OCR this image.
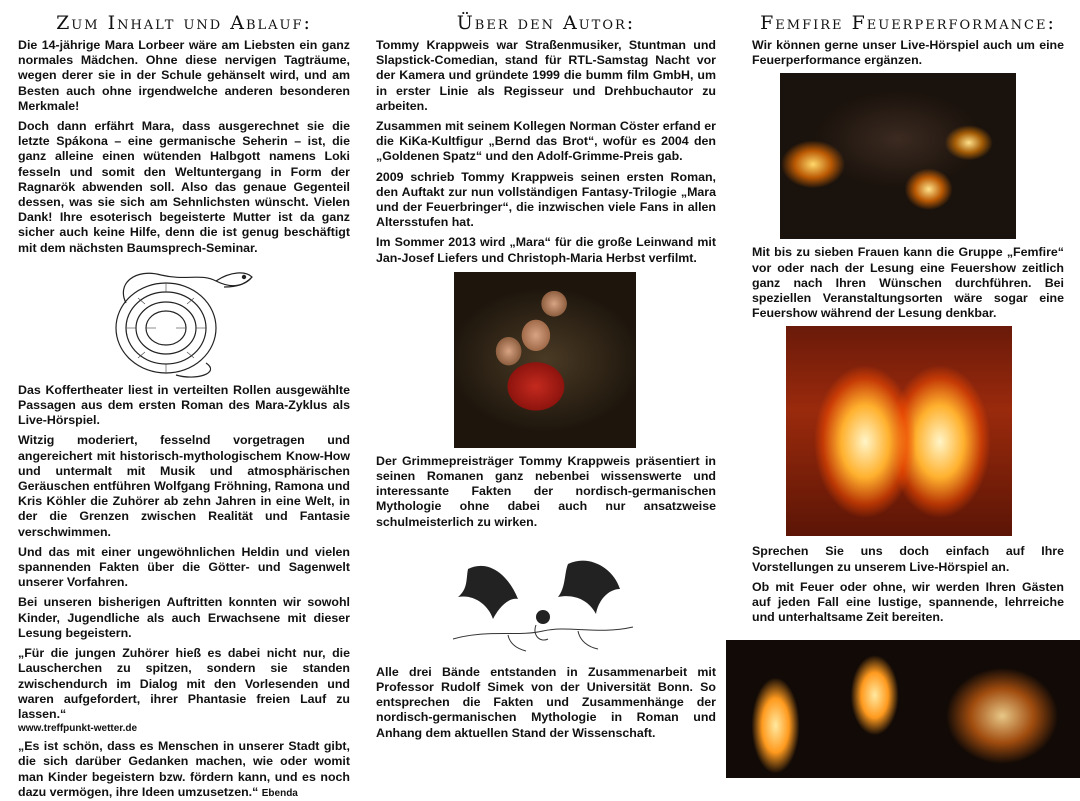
Zum Inhalt und Ablauf:

Die 14-jährige Mara Lorbeer wäre am Liebsten ein ganz normales Mädchen. Ohne diese nervigen Tagträume, wegen derer sie in der Schule gehänselt wird, und am Besten auch ohne irgendwelche anderen besonderen Merkmale!

Doch dann erfährt Mara, dass ausgerechnet sie die letzte Spákona – eine germanische Seherin – ist, die ganz alleine einen wütenden Halbgott namens Loki fesseln und somit den Weltuntergang in Form der Ragnarök abwenden soll. Also das genaue Gegenteil dessen, was sie sich am Sehnlichsten wünscht. Vielen Dank! Ihre esoterisch begeisterte Mutter ist da ganz sicher auch keine Hilfe, denn die ist genug beschäftigt mit dem nächsten Baumsprech-Seminar.

Das Koffertheater liest in verteilten Rollen ausgewählte Passagen aus dem ersten Roman des Mara-Zyklus als Live-Hörspiel.

Witzig moderiert, fesselnd vorgetragen und angereichert mit historisch-mythologischem Know-How und untermalt mit Musik und atmosphärischen Geräuschen entführen Wolfgang Fröhning, Ramona und Kris Köhler die Zuhörer ab zehn Jahren in eine Welt, in der die Grenzen zwischen Realität und Fantasie verschwimmen.

Und das mit einer ungewöhnlichen Heldin und vielen spannenden Fakten über die Götter- und Sagenwelt unserer Vorfahren.

Bei unseren bisherigen Auftritten konnten wir sowohl Kinder, Jugendliche als auch Erwachsene mit dieser Lesung begeistern.

„Für die jungen Zuhörer hieß es dabei nicht nur, die Lauscherchen zu spitzen, sondern sie standen zwischendurch im Dialog mit den Vorlesenden und waren aufgefordert, ihrer Phantasie freien Lauf zu lassen.“

www.treffpunkt-wetter.de

„Es ist schön, dass es Menschen in unserer Stadt gibt, die sich darüber Gedanken machen, wie oder womit man Kinder begeistern bzw. fördern kann, und es noch dazu vermögen, ihre Ideen umzusetzen.“ Ebenda

Über den Autor:

Tommy Krappweis war Straßenmusiker, Stuntman und Slapstick-Comedian, stand für RTL-Samstag Nacht vor der Kamera und gründete 1999 die bumm film GmbH, um in erster Linie als Regisseur und Drehbuchautor zu arbeiten.

Zusammen mit seinem Kollegen Norman Cöster erfand er die KiKa-Kultfigur „Bernd das Brot“, wofür es 2004 den „Goldenen Spatz“ und den Adolf-Grimme-Preis gab.

2009 schrieb Tommy Krappweis seinen ersten Roman, den Auftakt zur nun vollständigen Fantasy-Trilogie „Mara und der Feuerbringer“, die inzwischen viele Fans in allen Altersstufen hat.

Im Sommer 2013 wird „Mara“ für die große Leinwand mit Jan-Josef Liefers und Christoph-Maria Herbst verfilmt.

Der Grimmepreisträger Tommy Krappweis präsentiert in seinen Romanen ganz nebenbei wissenswerte und interessante Fakten der nordisch-germanischen Mythologie ohne dabei auch nur ansatzweise schulmeisterlich zu wirken.

Alle drei Bände entstanden in Zusammenarbeit mit Professor Rudolf Simek von der Universität Bonn. So entsprechen die Fakten und Zusammenhänge der nordisch-germanischen Mythologie in Roman und Anhang dem aktuellen Stand der Wissenschaft.

Femfire Feuerperformance:

Wir können gerne unser Live-Hörspiel auch um eine Feuerperformance ergänzen.

Mit bis zu sieben Frauen kann die Gruppe „Femfire“ vor oder nach der Lesung eine Feuershow zeitlich ganz nach Ihren Wünschen durchführen. Bei speziellen Veranstaltungsorten wäre sogar eine Feuershow während der Lesung denkbar.

Sprechen Sie uns doch einfach auf Ihre Vorstellungen zu unserem Live-Hörspiel an.

Ob mit Feuer oder ohne, wir werden Ihren Gästen auf jeden Fall eine lustige, spannende, lehrreiche und unterhaltsame Zeit bereiten.
